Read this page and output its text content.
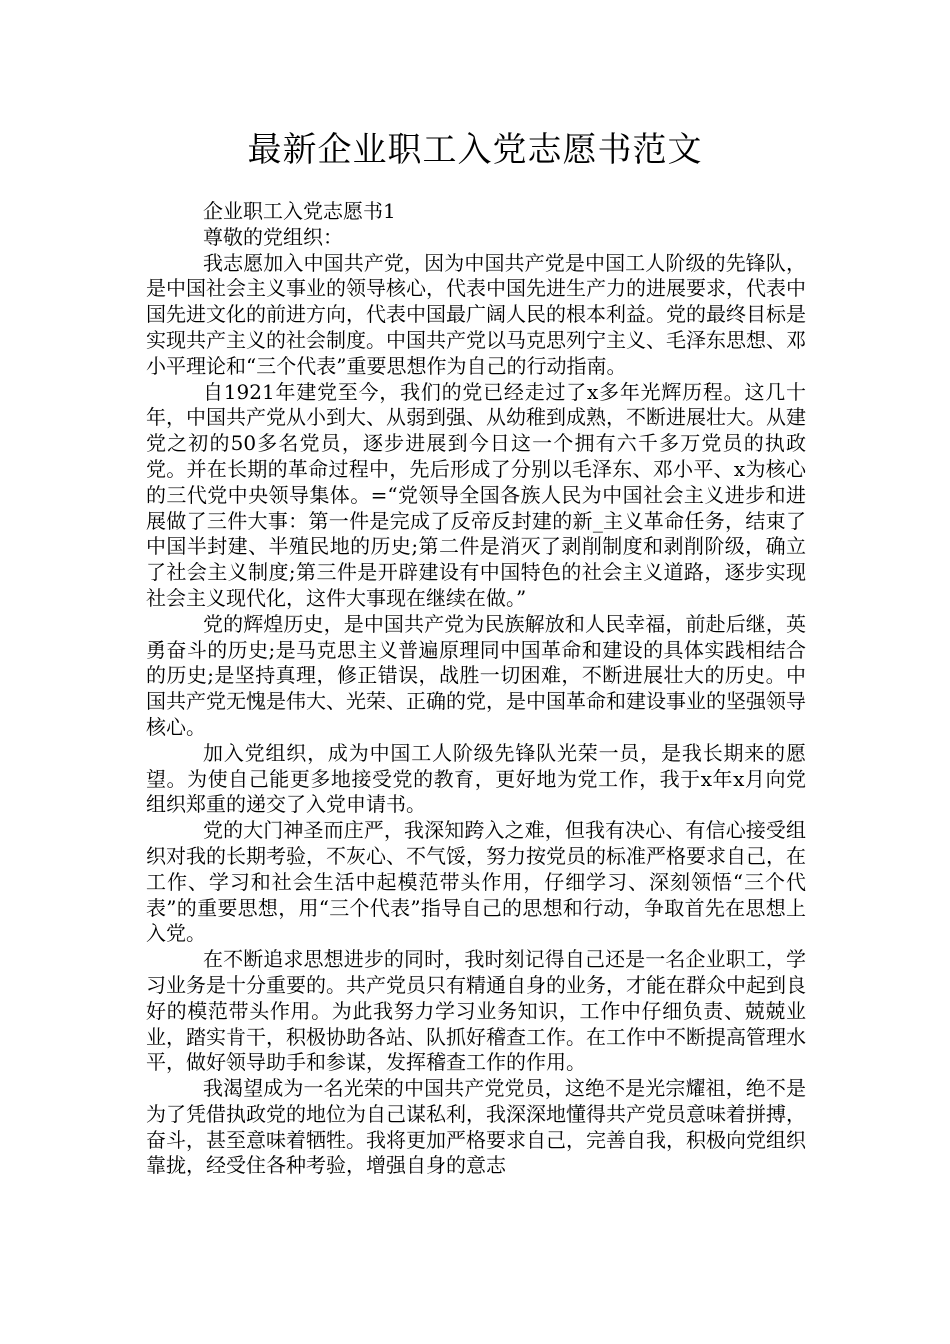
最新企业职工入党志愿书范文

企业职工入党志愿书1

尊敬的党组织：

我志愿加入中国共产党，因为中国共产党是中国工人阶级的先锋队，是中国社会主义事业的领导核心，代表中国先进生产力的进展要求，代表中国先进文化的前进方向，代表中国最广阔人民的根本利益。党的最终目标是实现共产主义的社会制度。中国共产党以马克思列宁主义、毛泽东思想、邓小平理论和“三个代表”重要思想作为自己的行动指南。

自1921年建党至今，我们的党已经走过了x多年光辉历程。这几十年，中国共产党从小到大、从弱到强、从幼稚到成熟，不断进展壮大。从建党之初的50多名党员，逐步进展到今日这一个拥有六千多万党员的执政党。并在长期的革命过程中，先后形成了分别以毛泽东、邓小平、x为核心的三代党中央领导集体。=“党领导全国各族人民为中国社会主义进步和进展做了三件大事：第一件是完成了反帝反封建的新_主义革命任务，结束了中国半封建、半殖民地的历史;第二件是消灭了剥削制度和剥削阶级，确立了社会主义制度;第三件是开辟建设有中国特色的社会主义道路，逐步实现社会主义现代化，这件大事现在继续在做。”

党的辉煌历史，是中国共产党为民族解放和人民幸福，前赴后继，英勇奋斗的历史;是马克思主义普遍原理同中国革命和建设的具体实践相结合的历史;是坚持真理，修正错误，战胜一切困难，不断进展壮大的历史。中国共产党无愧是伟大、光荣、正确的党，是中国革命和建设事业的坚强领导核心。

加入党组织，成为中国工人阶级先锋队光荣一员，是我长期来的愿望。为使自己能更多地接受党的教育，更好地为党工作，我于x年x月向党组织郑重的递交了入党申请书。

党的大门神圣而庄严，我深知跨入之难，但我有决心、有信心接受组织对我的长期考验，不灰心、不气馁，努力按党员的标准严格要求自己，在工作、学习和社会生活中起模范带头作用，仔细学习、深刻领悟“三个代表”的重要思想，用“三个代表”指导自己的思想和行动，争取首先在思想上入党。

在不断追求思想进步的同时，我时刻记得自己还是一名企业职工，学习业务是十分重要的。共产党员只有精通自身的业务，才能在群众中起到良好的模范带头作用。为此我努力学习业务知识，工作中仔细负责、兢兢业业，踏实肯干，积极协助各站、队抓好稽查工作。在工作中不断提高管理水平，做好领导助手和参谋，发挥稽查工作的作用。

我渴望成为一名光荣的中国共产党党员，这绝不是光宗耀祖，绝不是为了凭借执政党的地位为自己谋私利，我深深地懂得共产党员意味着拼搏，奋斗，甚至意味着牺牲。我将更加严格要求自己，完善自我，积极向党组织靠拢，经受住各种考验，增强自身的意志
